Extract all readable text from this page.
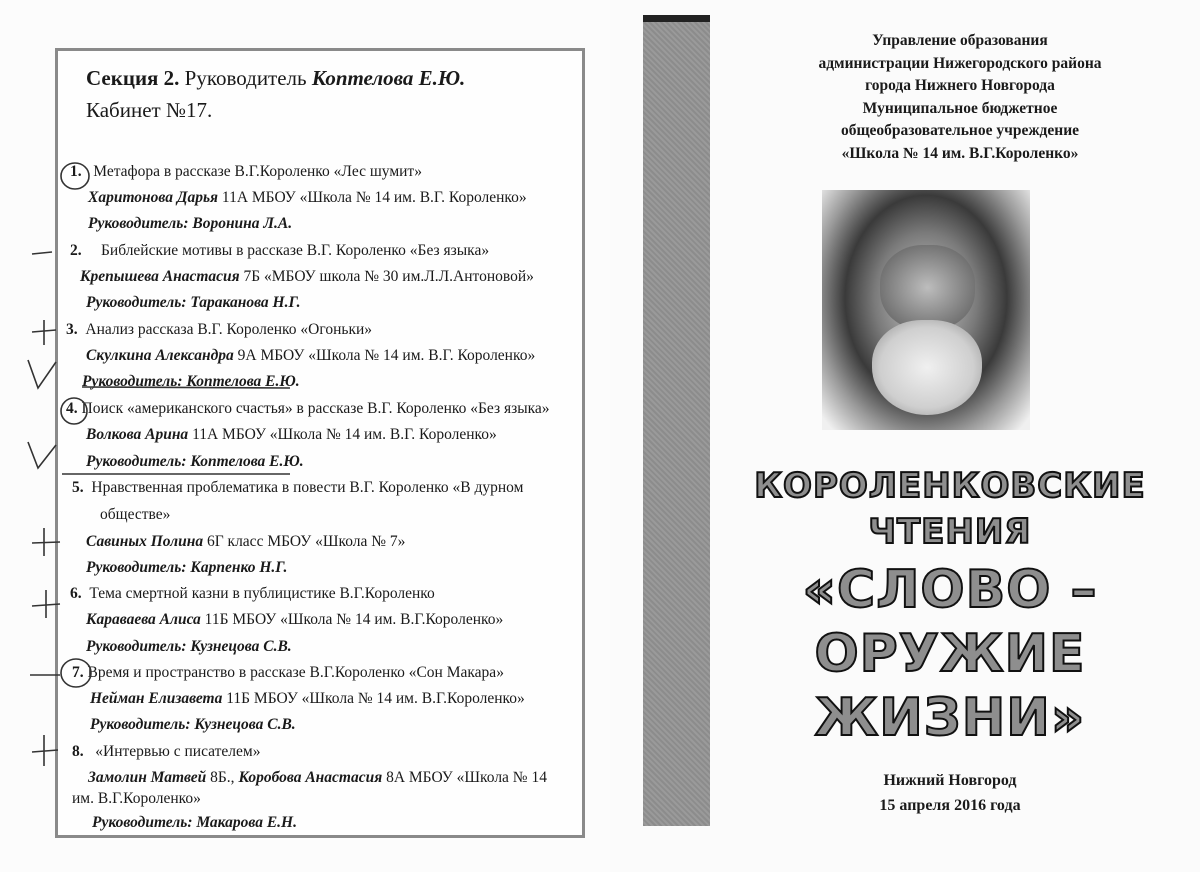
Секция 2. Руководитель Коптелова Е.Ю.
Кабинет №17.
1. Метафора в рассказе В.Г.Короленко «Лес шумит»
Харитонова Дарья 11А МБОУ «Школа № 14 им. В.Г. Короленко»
Руководитель: Воронина Л.А.
2. Библейские мотивы в рассказе В.Г. Короленко «Без языка»
Крепышева Анастасия 7Б «МБОУ школа № 30 им.Л.Л.Антоновой»
Руководитель: Тараканова Н.Г.
3. Анализ рассказа В.Г. Короленко «Огоньки»
Скулкина Александра 9А МБОУ «Школа № 14 им. В.Г. Короленко»
Руководитель: Коптелова Е.Ю.
4. Поиск «американского счастья» в рассказе В.Г. Короленко «Без языка»
Волкова Арина 11А МБОУ «Школа № 14 им. В.Г. Короленко»
Руководитель: Коптелова Е.Ю.
5. Нравственная проблематика в повести В.Г. Короленко «В дурном
обществе»
Савиных Полина 6Г класс МБОУ «Школа № 7»
Руководитель: Карпенко Н.Г.
6. Тема смертной казни в публицистике В.Г.Короленко
Караваева Алиса 11Б МБОУ «Школа № 14 им. В.Г.Короленко»
Руководитель: Кузнецова С.В.
7. Время и пространство в рассказе В.Г.Короленко «Сон Макара»
Нейман Елизавета 11Б МБОУ «Школа № 14 им. В.Г.Короленко»
Руководитель: Кузнецова С.В.
8. «Интервью с писателем»
Замолин Матвей 8Б., Коробова Анастасия 8А МБОУ «Школа № 14
им. В.Г.Короленко»
Руководитель: Макарова Е.Н.
Управление образования
администрации Нижегородского района
города Нижнего Новгорода
Муниципальное бюджетное
общеобразовательное учреждение
«Школа № 14 им. В.Г.Короленко»
КОРОЛЕНКОВСКИЕ
ЧТЕНИЯ
«СЛОВО –
ОРУЖИЕ
ЖИЗНИ»
Нижний Новгород
15 апреля 2016 года
